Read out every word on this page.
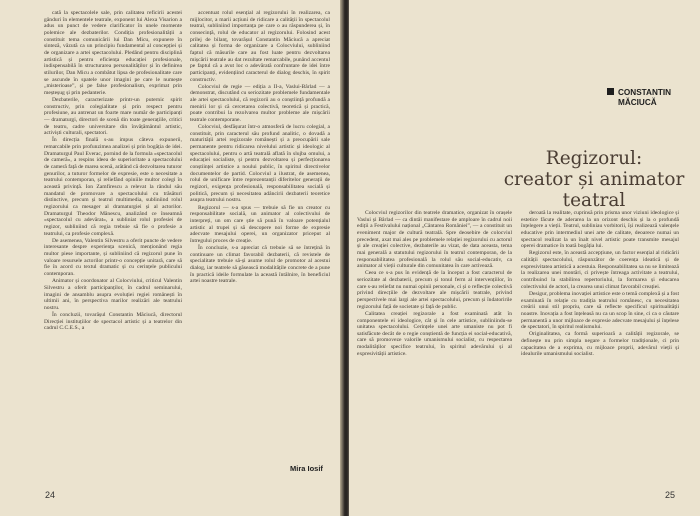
cată la spectacolele sale, prin calitatea reficirii acestei gânduri în elementele teatrale, exponent lui Alexa Visarion a adus un punct de vedere clarificator în unele momente polemice ale dezbaterilor. Condiția profesionalității a constituit tema comunicării lui Dan Micu, expunere în sinteză, văzută ca un principiu fundamental al concepției și de organizare a artei spectacolului. Pledând pentru disciplină artistică și pentru eficiența educației profesionale, indispensabilă în structurarea personalităților și în definirea stilurilor, Dan Micu a combătut lipsa de profesionalitate care se ascunde în spatele unor imagini pe care le numește „misterioase”, și pe false profesionalism, exprimat prin meșteșug și prin pedanterie.

Dezbaterile, caracterizate printr-un puternic spirit constructiv, prin colegialitate și prin respect pentru profesiune, au antrenat un foarte mare număr de participanți — dramaturgi, directori de scenă din toate generațiile, critici de teatru, cadre universitare din învățământul artistic, activiști culturali, spectatori.

În direcția finală s-au impus câteva expunerii, remarcabile prin profunzimea analizei și prin bogăția de idei. Dramaturgul Paul Everac, pornind de la formula «spectacolul de cameră», a respins ideea de superioritate a spectacolului de cameră față de marea scenă, arătând că dezvoltarea tuturor genurilor, a tuturor formelor de expresie, este o necesitate a teatrului contemporan, și reliefând opiniile multor colegi în această privință. Ion Zamfirescu a relevat la rândul său mandatul de promovare a spectacolului cu trăsături distinctive, precum și teatrul multimedia, subliniind rolul regizorului ca mesager al dramaturgiei și al actorilor. Dramaturgul Theodor Mănescu, analizând ce înseamnă «spectacolul cu adevărat», a subliniat rolul profesiei de regizor, subliniind că regia trebuie să fie o profesie a teatrului, ca profesie complexă.

De asemenea, Valentin Silvestru a oferit puncte de vedere interesante despre experiența scenică, menționând regia multor piese importante, și subliniind că regizorul pune în valoare resursele actorilor printr-o concepție unitară, care să fie în acord cu textul dramatic și cu cerințele publicului contemporan.

Animator și coordonator al Colocviului, criticul Valentin Silvestru a oferit participanților, în cadrul seminarului, imagini de ansamblu asupra evoluției regiei românești în ultimii ani, în perspectiva marilor realizări ale teatrului nostru.

În concluzii, tovarășul Constantin Măciucă, directorul Direcției instituțiilor de spectacol artistic și a teatrelor din cadrul C.C.E.S., a

accentuat rolul esențial al regizorului în realizarea, ca mijlocitor, a marii acțiuni de ridicare a calității în spectacolul teatral, subliniind importanța pe care o au răspunderea și, în consecință, rolul de educator al regizorului. Folosind acest prilej de bilanț, tovarășul Constantin Măciucă a apreciat calitatea și forma de organizare a Colocviului, subliniind faptul că măsurile care au fost luate pentru dezvoltarea mișcării teatrale au dat rezultate remarcabile, punând accentul pe faptul că a avut loc o adevărată confruntare de idei între participanți, evidențiind caracterul de dialog deschis, în spirit constructiv.

Colocviul de regie — ediția a II-a, Vaslui-Bârlad — a demonstrat, discutând cu seriozitate problemele fundamentale ale artei spectacolului, că regizorii au o conștiință profundă a menirii lor și că cercetarea colectivă, teoretică și practică, poate contribui la rezolvarea multor probleme ale mișcării teatrale contemporane.

Colocviul, desfășurat într-o atmosferă de lucru colegial, a constituit, prin caracterul său profund analitic, o dovadă a maturității artei regizorale românești și a preocupării sale permanente pentru ridicarea nivelului artistic și ideologic al spectacolului, pentru o artă teatrală aflată în slujba omului, a educației socialiste, și pentru dezvoltarea și perfecționarea conștiinței artistice a noului public, în spiritul directivelor documentelor de partid. Colocviul a ilustrat, de asemenea, rolul de unificare între reprezentanții diferitelor generații de regizori, exigența profesională, responsabilitatea socială și politică, precum și necesitatea adâncirii dezbaterii teoretice asupra teatrului nostru.

Regizorul — s-a spus — trebuie să fie un creator cu responsabilitate socială, un animator al colectivului de interpreți, un om care știe să pună în valoare potențialul artistic al trupei și să descopere noi forme de expresie adecvate mesajului operei, un organizator priceput al întregului proces de creație.

În concluzie, s-a apreciat că trebuie să se întrețină în continuare un climat favorabil dezbaterii, că revistele de specialitate trebuie să-și asume rolul de promotor al acestui dialog, iar teatrele să găsească modalitățile concrete de a pune în practică ideile formulate la această întâlnire, în beneficiul artei noastre teatrale.

Mira Iosif
24
CONSTANTIN
MĂCIUCĂ
Regizorul:
creator și animator teatral

Colocviul regizorilor din teatrele dramatice, organizat în orașele Vaslui și Bârlad — ca dintâi manifestare de amploare în cadrul noii ediții a Festivalului național „Cântarea României”, — a constituit un eveniment major de cultură teatrală. Spre deosebire de colocviul precedent, axat mai ales pe problemele relației regizorului cu actorul și ale creației colective, dezbaterile au vizat, de data aceasta, tema mai generală a statutului regizorului în teatrul contemporan, de la responsabilitatea profesională la rolul său social-educativ, ca animator al vieții culturale din comunitatea în care activează.

Ceea ce s-a pus în evidență de la început a fost caracterul de seriozitate al dezbaterii, precum și tonul ferm al intervențiilor, în care s-au reliefat nu numai opinii personale, ci și o reflecție colectivă privind direcțiile de dezvoltare ale mișcării teatrale, privind perspectivele mai largi ale artei spectacolului, precum și îndatoririle regizorului față de societate și față de public.

Calitatea creației regizorale a fost examinată atât în componentele ei ideologice, cât și în cele artistice, subliniindu-se unitatea spectacolului. Cerințele unei arte umaniste nu pot fi satisfăcute decât de o regie conștientă de funcția ei social-educativă, care să promoveze valorile umanismului socialist, cu respectarea modalităților specifice teatrului, în spiritul adevărului și al expresivității artistice.

deroată la realitate, cuprinsă prin prisma unor viziuni ideologice și estetice făcute de aderarea la un orizont deschis și la o profundă înțelegere a vieții. Teatrul, subliniau vorbitorii, își realizează valențele educative prin intermediul unei arte de calitate, deoarece numai un spectacol realizat la un înalt nivel artistic poate transmite mesajul operei dramatice în toată bogăția lui.

Regizorul este, în această accepțiune, un factor esențial al ridicării calității spectacolului, răspunzător de coerența ideatică și de expresivitatea artistică a acestuia. Responsabilitatea sa nu se limitează la realizarea unei montări, ci privește întreaga activitate a teatrului, contribuind la stabilirea repertoriului, la formarea și educarea colectivului de actori, la crearea unui climat favorabil creației.

Desigur, problema inovației artistice este o temă complexă și a fost examinată în relație cu tradiția teatrului românesc, cu necesitatea creării unui stil propriu, care să reflecte specificul spiritualității noastre. Inovația a fost înțeleasă nu ca un scop în sine, ci ca o căutare permanentă a unor mijloace de expresie adecvate mesajului și înțelese de spectatori, în spiritul realismului.

Originalitatea, ca formă superioară a calității regizorale, se definește nu prin simpla negare a formelor tradiționale, ci prin capacitatea de a exprima, cu mijloace proprii, adevărul vieții și idealurile umanismului socialist.

25
